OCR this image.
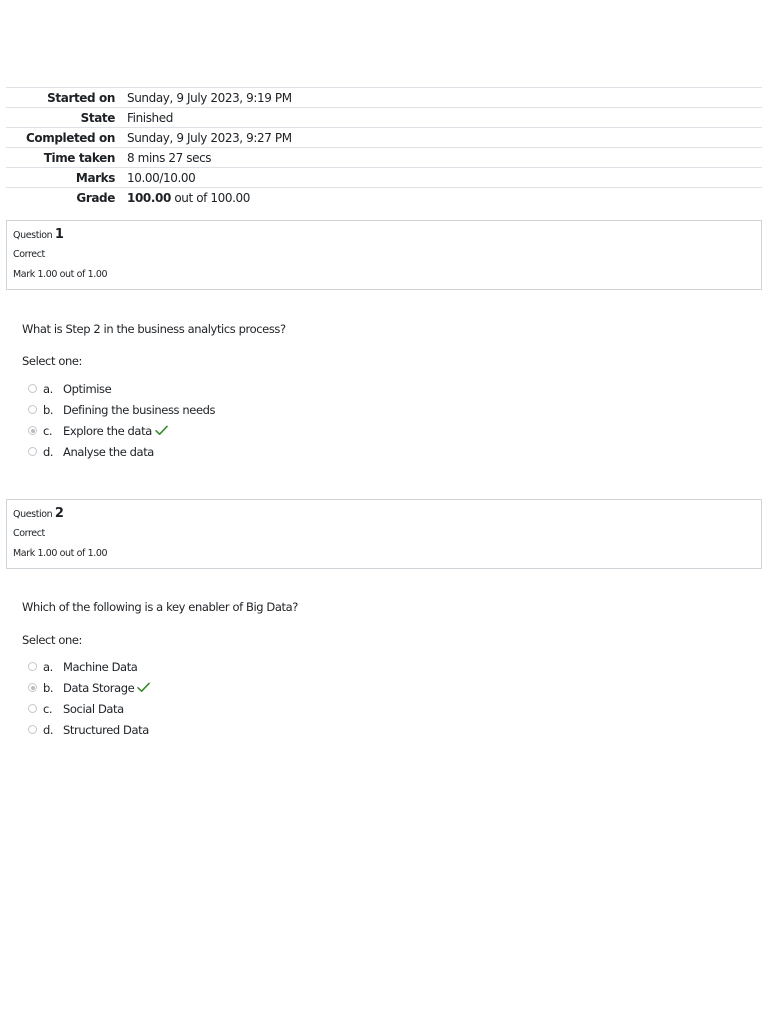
Started on	Sunday, 9 July 2023, 9:19 PM
State	Finished
Completed on	Sunday, 9 July 2023, 9:27 PM
Time taken	8 mins 27 secs
Marks	10.00/10.00
Grade	100.00 out of 100.00
Question 1
Correct
Mark 1.00 out of 1.00
What is Step 2 in the business analytics process?
Select one:
a. Optimise
b. Defining the business needs
c. Explore the data
d. Analyse the data
Question 2
Correct
Mark 1.00 out of 1.00
Which of the following is a key enabler of Big Data?
Select one:
a. Machine Data
b. Data Storage
c. Social Data
d. Structured Data
